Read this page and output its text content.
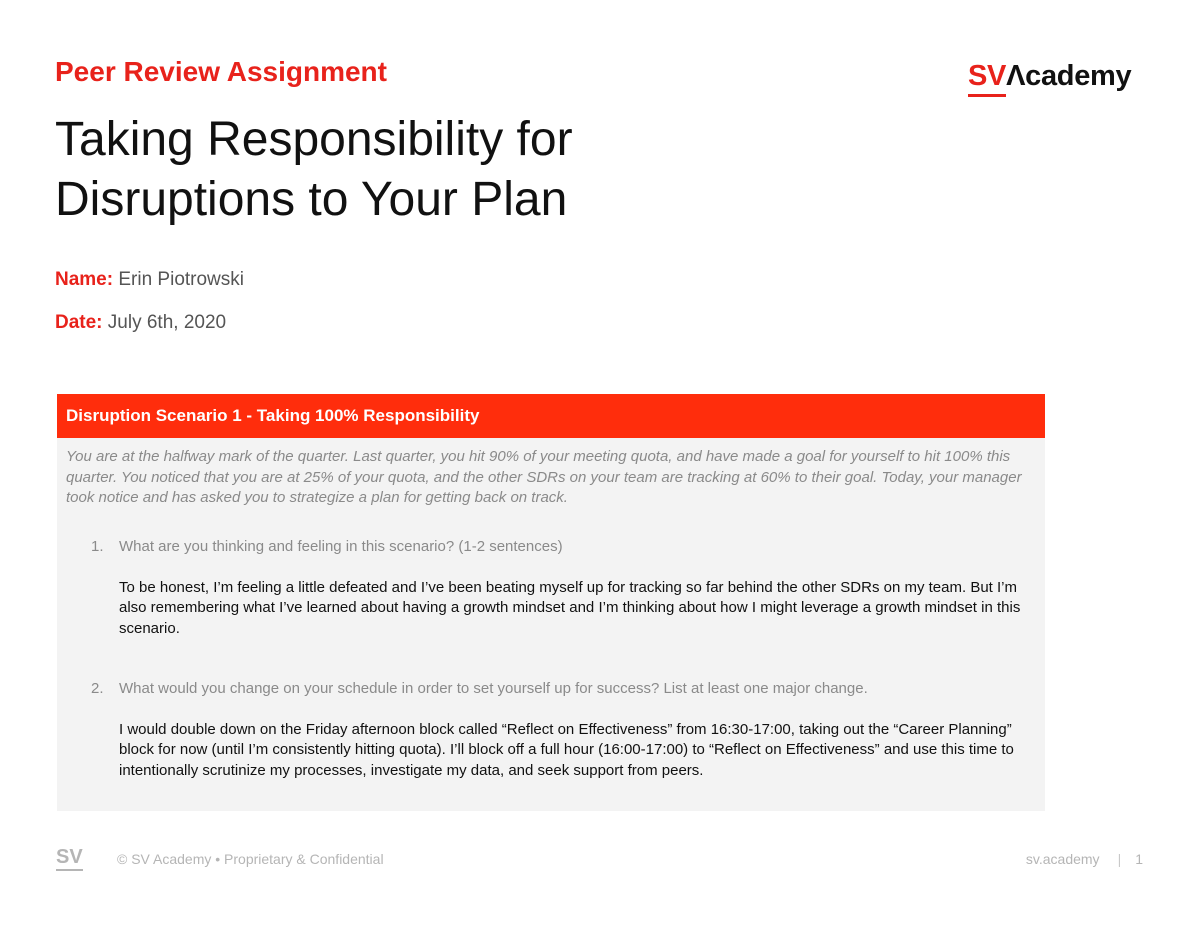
Peer Review Assignment	SVΛcademy
Taking Responsibility for
Disruptions to Your Plan
Name: Erin Piotrowski
Date: July 6th, 2020
Disruption Scenario 1 - Taking 100% Responsibility

You are at the halfway mark of the quarter. Last quarter, you hit 90% of your meeting quota, and have made a goal for yourself to hit 100% this quarter. You noticed that you are at 25% of your quota, and the other SDRs on your team are tracking at 60% to their goal. Today, your manager took notice and has asked you to strategize a plan for getting back on track.

1.	What are you thinking and feeling in this scenario? (1-2 sentences)
To be honest, I’m feeling a little defeated and I’ve been beating myself up for tracking so far behind the other SDRs on my team. But I’m also remembering what I’ve learned about having a growth mindset and I’m thinking about how I might leverage a growth mindset in this scenario.
2.	What would you change on your schedule in order to set yourself up for success? List at least one major change.
I would double down on the Friday afternoon block called “Reflect on Effectiveness” from 16:30-17:00, taking out the “Career Planning” block for now (until I’m consistently hitting quota). I’ll block off a full hour (16:00-17:00) to “Reflect on Effectiveness” and use this time to intentionally scrutinize my processes, investigate my data, and seek support from peers.
SV © SV Academy • Proprietary & Confidential	sv.academy | 1
